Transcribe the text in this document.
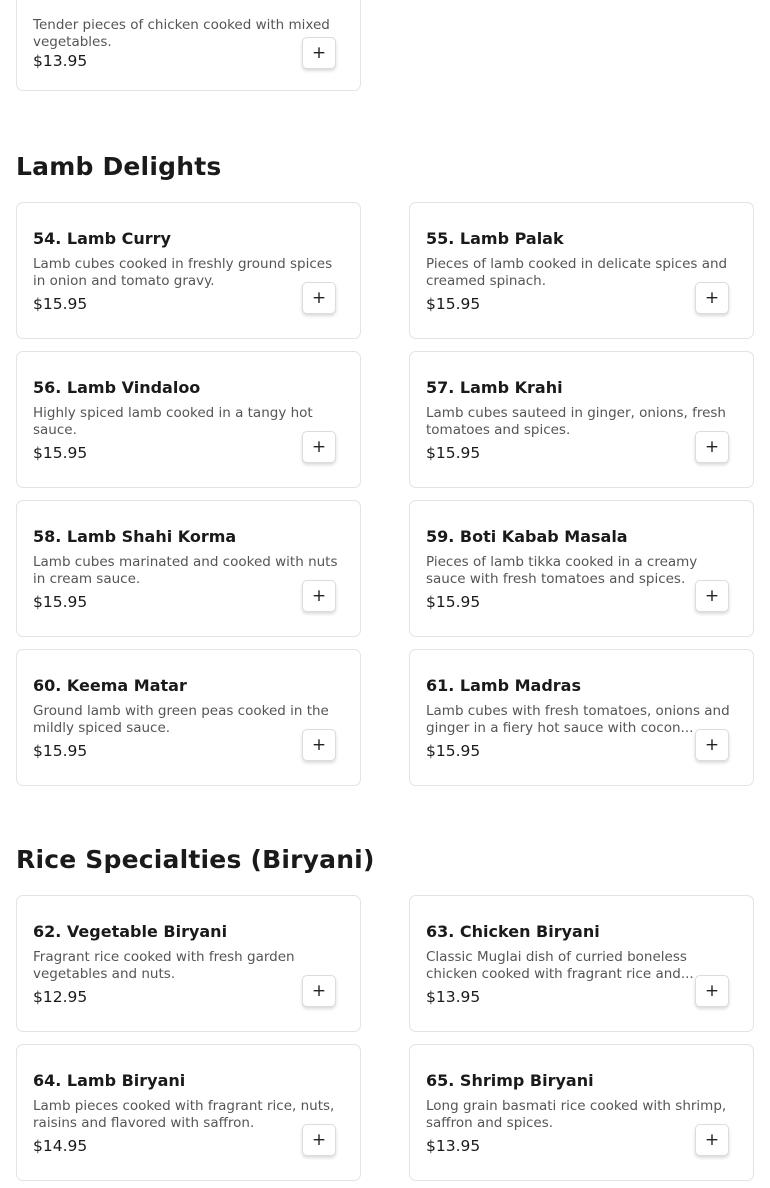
Tender pieces of chicken cooked with mixed vegetables.
$13.95	+
Lamb Delights
54. Lamb Curry
Lamb cubes cooked in freshly ground spices in onion and tomato gravy.
$15.95	+
55. Lamb Palak
Pieces of lamb cooked in delicate spices and creamed spinach.
$15.95	+
56. Lamb Vindaloo
Highly spiced lamb cooked in a tangy hot sauce.
$15.95	+
57. Lamb Krahi
Lamb cubes sauteed in ginger, onions, fresh tomatoes and spices.
$15.95	+
58. Lamb Shahi Korma
Lamb cubes marinated and cooked with nuts in cream sauce.
$15.95	+
59. Boti Kabab Masala
Pieces of lamb tikka cooked in a creamy sauce with fresh tomatoes and spices.
$15.95	+
60. Keema Matar
Ground lamb with green peas cooked in the mildly spiced sauce.
$15.95	+
61. Lamb Madras
Lamb cubes with fresh tomatoes, onions and ginger in a fiery hot sauce with cocon...
$15.95	+
Rice Specialties (Biryani)
62. Vegetable Biryani
Fragrant rice cooked with fresh garden vegetables and nuts.
$12.95	+
63. Chicken Biryani
Classic Muglai dish of curried boneless chicken cooked with fragrant rice and...
$13.95	+
64. Lamb Biryani
Lamb pieces cooked with fragrant rice, nuts, raisins and flavored with saffron.
$14.95	+
65. Shrimp Biryani
Long grain basmati rice cooked with shrimp, saffron and spices.
$13.95	+
